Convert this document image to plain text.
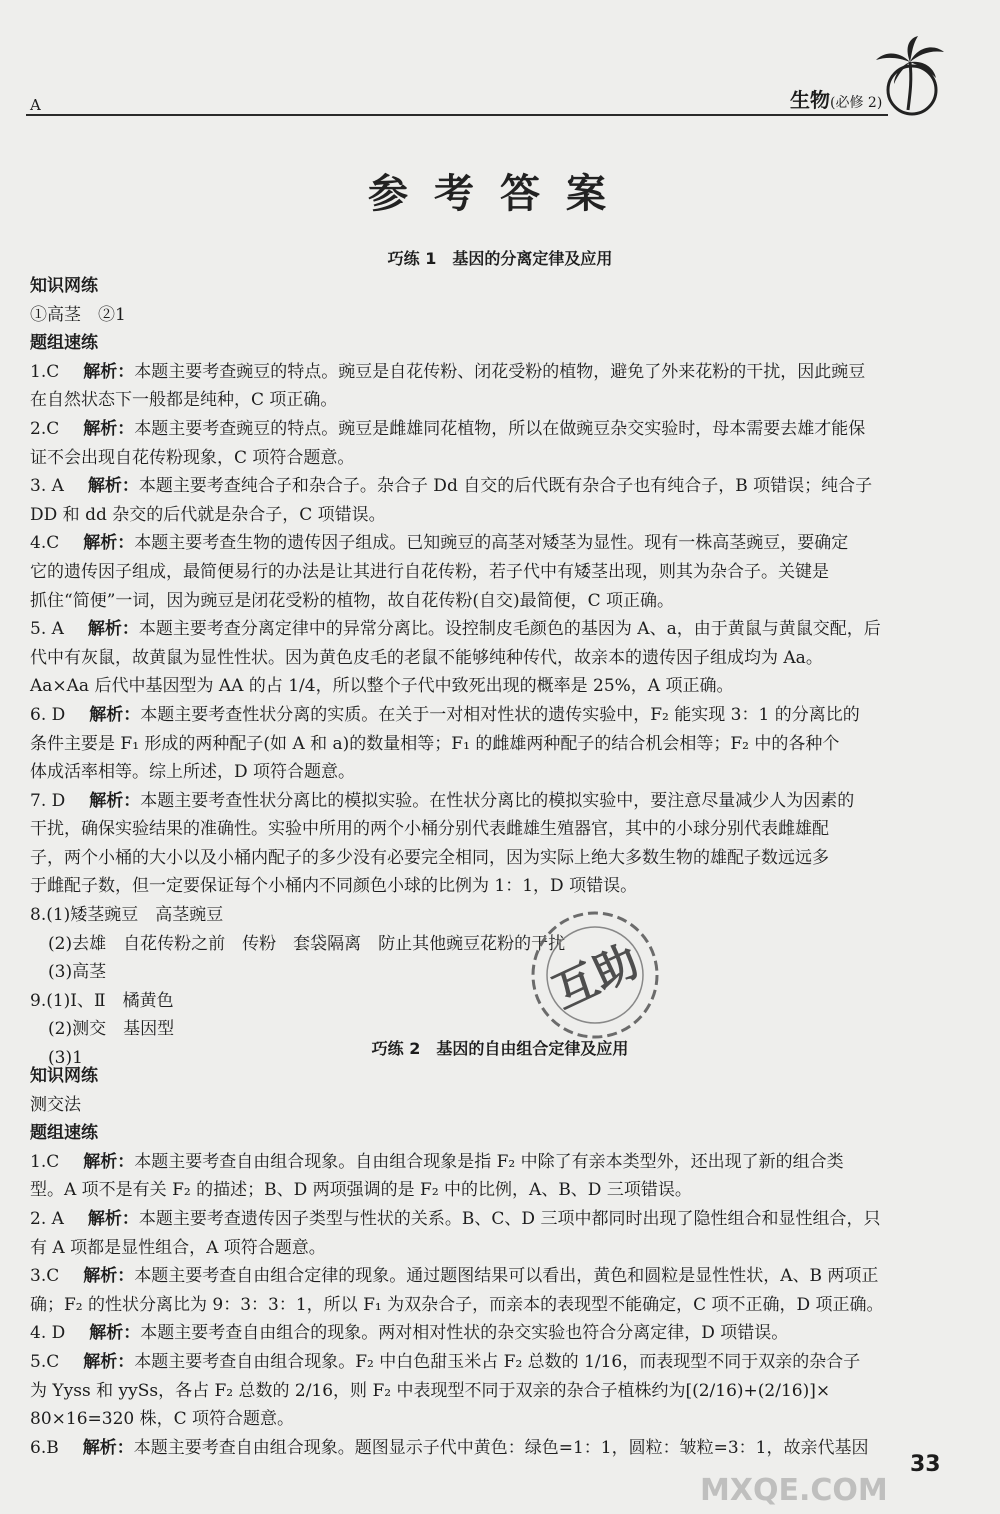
A	生物(必修 2)
参考答案
巧练 1　基因的分离定律及应用
知识网练
①高茎　②1
题组速练
1.C 解析：本题主要考查豌豆的特点。豌豆是自花传粉、闭花受粉的植物，避免了外来花粉的干扰，因此豌豆
在自然状态下一般都是纯种，C 项正确。
2.C 解析：本题主要考查豌豆的特点。豌豆是雌雄同花植物，所以在做豌豆杂交实验时，母本需要去雄才能保
证不会出现自花传粉现象，C 项符合题意。
3. A 解析：本题主要考查纯合子和杂合子。杂合子 Dd 自交的后代既有杂合子也有纯合子，B 项错误；纯合子
DD 和 dd 杂交的后代就是杂合子，C 项错误。
4.C 解析：本题主要考查生物的遗传因子组成。已知豌豆的高茎对矮茎为显性。现有一株高茎豌豆，要确定
它的遗传因子组成，最简便易行的办法是让其进行自花传粉，若子代中有矮茎出现，则其为杂合子。关键是
抓住“简便”一词，因为豌豆是闭花受粉的植物，故自花传粉(自交)最简便，C 项正确。
5. A 解析：本题主要考查分离定律中的异常分离比。设控制皮毛颜色的基因为 A、a，由于黄鼠与黄鼠交配，后
代中有灰鼠，故黄鼠为显性性状。因为黄色皮毛的老鼠不能够纯种传代，故亲本的遗传因子组成均为 Aa。
Aa×Aa 后代中基因型为 AA 的占 1/4，所以整个子代中致死出现的概率是 25%，A 项正确。
6. D 解析：本题主要考查性状分离的实质。在关于一对相对性状的遗传实验中，F₂ 能实现 3：1 的分离比的
条件主要是 F₁ 形成的两种配子(如 A 和 a)的数量相等；F₁ 的雌雄两种配子的结合机会相等；F₂ 中的各种个
体成活率相等。综上所述，D 项符合题意。
7. D 解析：本题主要考查性状分离比的模拟实验。在性状分离比的模拟实验中，要注意尽量减少人为因素的
干扰，确保实验结果的准确性。实验中所用的两个小桶分别代表雌雄生殖器官，其中的小球分别代表雌雄配
子，两个小桶的大小以及小桶内配子的多少没有必要完全相同，因为实际上绝大多数生物的雄配子数远远多
于雌配子数，但一定要保证每个小桶内不同颜色小球的比例为 1：1，D 项错误。
8.(1)矮茎豌豆　高茎豌豆
(2)去雄　自花传粉之前　传粉　套袋隔离　防止其他豌豆花粉的干扰
(3)高茎
9.(1)Ⅰ、Ⅱ　橘黄色
(2)测交　基因型
(3)1	巧练 2　基因的自由组合定律及应用
知识网练
测交法
题组速练
1.C 解析：本题主要考查自由组合现象。自由组合现象是指 F₂ 中除了有亲本类型外，还出现了新的组合类
型。A 项不是有关 F₂ 的描述；B、D 两项强调的是 F₂ 中的比例，A、B、D 三项错误。
2. A 解析：本题主要考查遗传因子类型与性状的关系。B、C、D 三项中都同时出现了隐性组合和显性组合，只
有 A 项都是显性组合，A 项符合题意。
3.C 解析：本题主要考查自由组合定律的现象。通过题图结果可以看出，黄色和圆粒是显性性状，A、B 两项正
确；F₂ 的性状分离比为 9：3：3：1，所以 F₁ 为双杂合子，而亲本的表现型不能确定，C 项不正确，D 项正确。
4. D 解析：本题主要考查自由组合的现象。两对相对性状的杂交实验也符合分离定律，D 项错误。
5.C 解析：本题主要考查自由组合现象。F₂ 中白色甜玉米占 F₂ 总数的 1/16，而表现型不同于双亲的杂合子
为 Yyss 和 yySs，各占 F₂ 总数的 2/16，则 F₂ 中表现型不同于双亲的杂合子植株约为[(2/16)+(2/16)]×
80×16=320 株，C 项符合题意。
6.B 解析：本题主要考查自由组合现象。题图显示子代中黄色：绿色=1：1，圆粒：皱粒=3：1，故亲代基因
33
互助
MXQE.COM
